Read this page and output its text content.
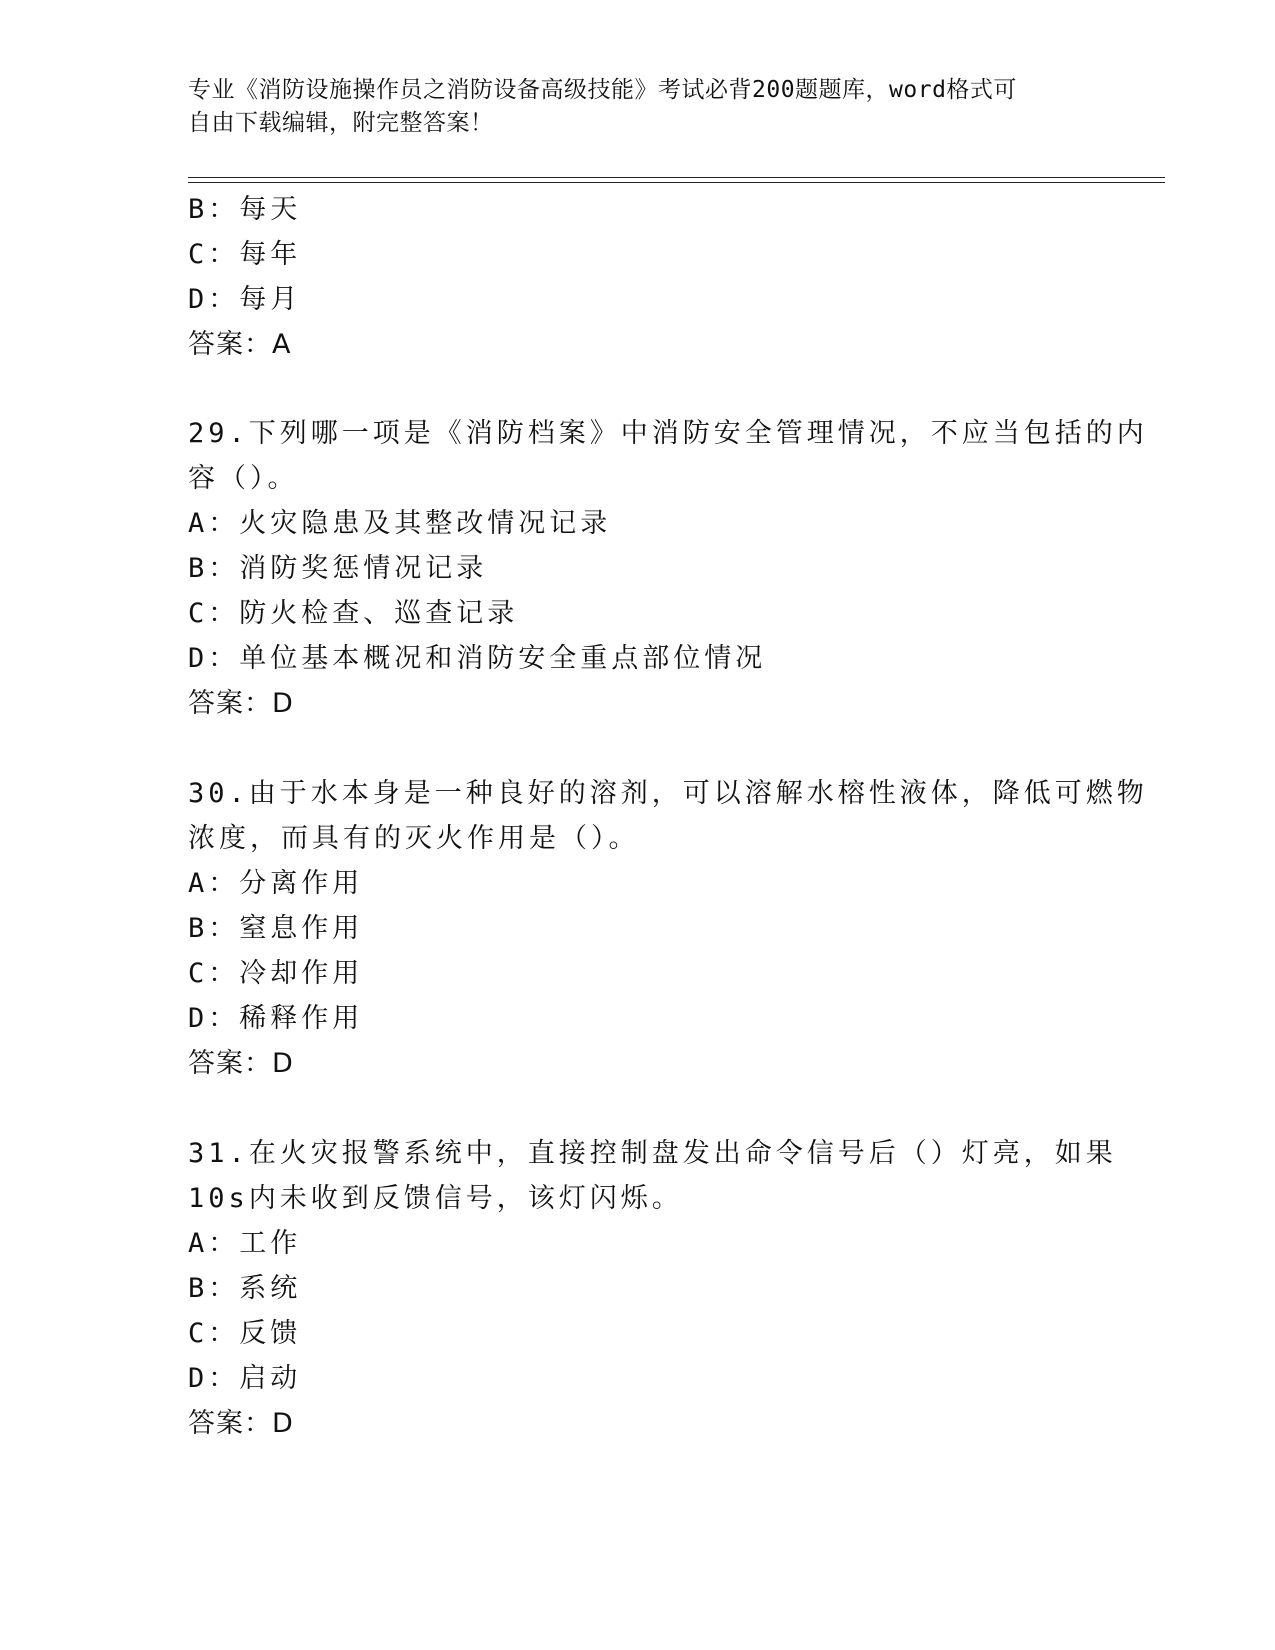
专业《消防设施操作员之消防设备高级技能》考试必背200题题库，word格式可
自由下载编辑，附完整答案！
B：每天
C：每年
D：每月
答案：A
29.下列哪一项是《消防档案》中消防安全管理情况，不应当包括的内
容（）。
A：火灾隐患及其整改情况记录
B：消防奖惩情况记录
C：防火检查、巡查记录
D：单位基本概况和消防安全重点部位情况
答案：D
30.由于水本身是一种良好的溶剂，可以溶解水榕性液体，降低可燃物
浓度，而具有的灭火作用是（）。
A：分离作用
B：窒息作用
C：冷却作用
D：稀释作用
答案：D
31.在火灾报警系统中，直接控制盘发出命令信号后（）灯亮，如果
10s内未收到反馈信号，该灯闪烁。
A：工作
B：系统
C：反馈
D：启动
答案：D
